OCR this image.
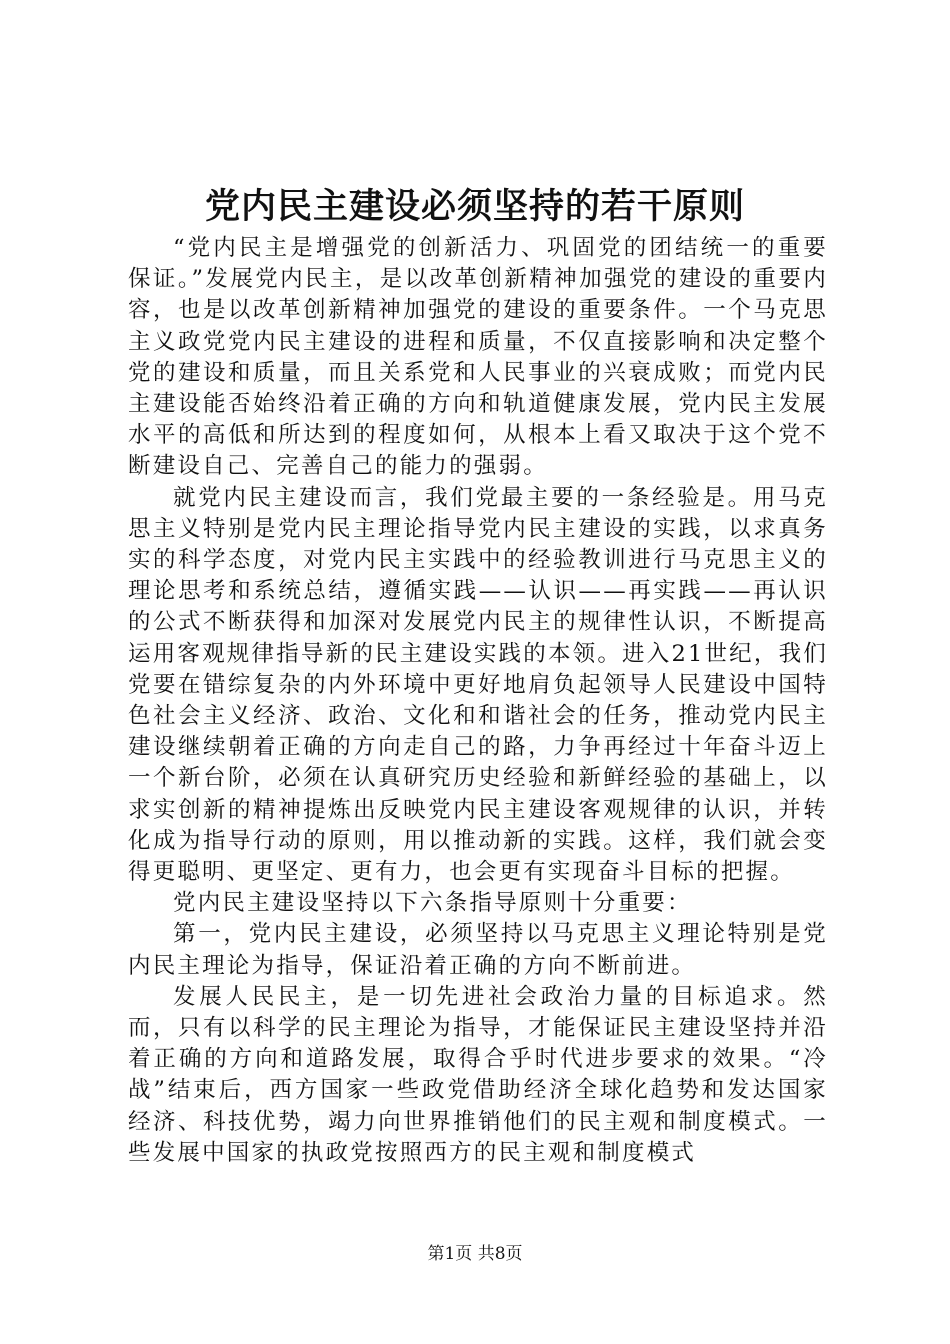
党内民主建设必须坚持的若干原则

“党内民主是增强党的创新活力、巩固党的团结统一的重要保证。”发展党内民主，是以改革创新精神加强党的建设的重要内容，也是以改革创新精神加强党的建设的重要条件。一个马克思主义政党党内民主建设的进程和质量，不仅直接影响和决定整个党的建设和质量，而且关系党和人民事业的兴衰成败；而党内民主建设能否始终沿着正确的方向和轨道健康发展，党内民主发展水平的高低和所达到的程度如何，从根本上看又取决于这个党不断建设自己、完善自己的能力的强弱。

就党内民主建设而言，我们党最主要的一条经验是。用马克思主义特别是党内民主理论指导党内民主建设的实践，以求真务实的科学态度，对党内民主实践中的经验教训进行马克思主义的理论思考和系统总结，遵循实践——认识——再实践——再认识的公式不断获得和加深对发展党内民主的规律性认识，不断提高运用客观规律指导新的民主建设实践的本领。进入21世纪，我们党要在错综复杂的内外环境中更好地肩负起领导人民建设中国特色社会主义经济、政治、文化和和谐社会的任务，推动党内民主建设继续朝着正确的方向走自己的路，力争再经过十年奋斗迈上一个新台阶，必须在认真研究历史经验和新鲜经验的基础上，以求实创新的精神提炼出反映党内民主建设客观规律的认识，并转化成为指导行动的原则，用以推动新的实践。这样，我们就会变得更聪明、更坚定、更有力，也会更有实现奋斗目标的把握。

党内民主建设坚持以下六条指导原则十分重要：

第一，党内民主建设，必须坚持以马克思主义理论特别是党内民主理论为指导，保证沿着正确的方向不断前进。

发展人民民主，是一切先进社会政治力量的目标追求。然而，只有以科学的民主理论为指导，才能保证民主建设坚持并沿着正确的方向和道路发展，取得合乎时代进步要求的效果。“冷战”结束后，西方国家一些政党借助经济全球化趋势和发达国家经济、科技优势，竭力向世界推销他们的民主观和制度模式。一些发展中国家的执政党按照西方的民主观和制度模式

第1页 共8页
